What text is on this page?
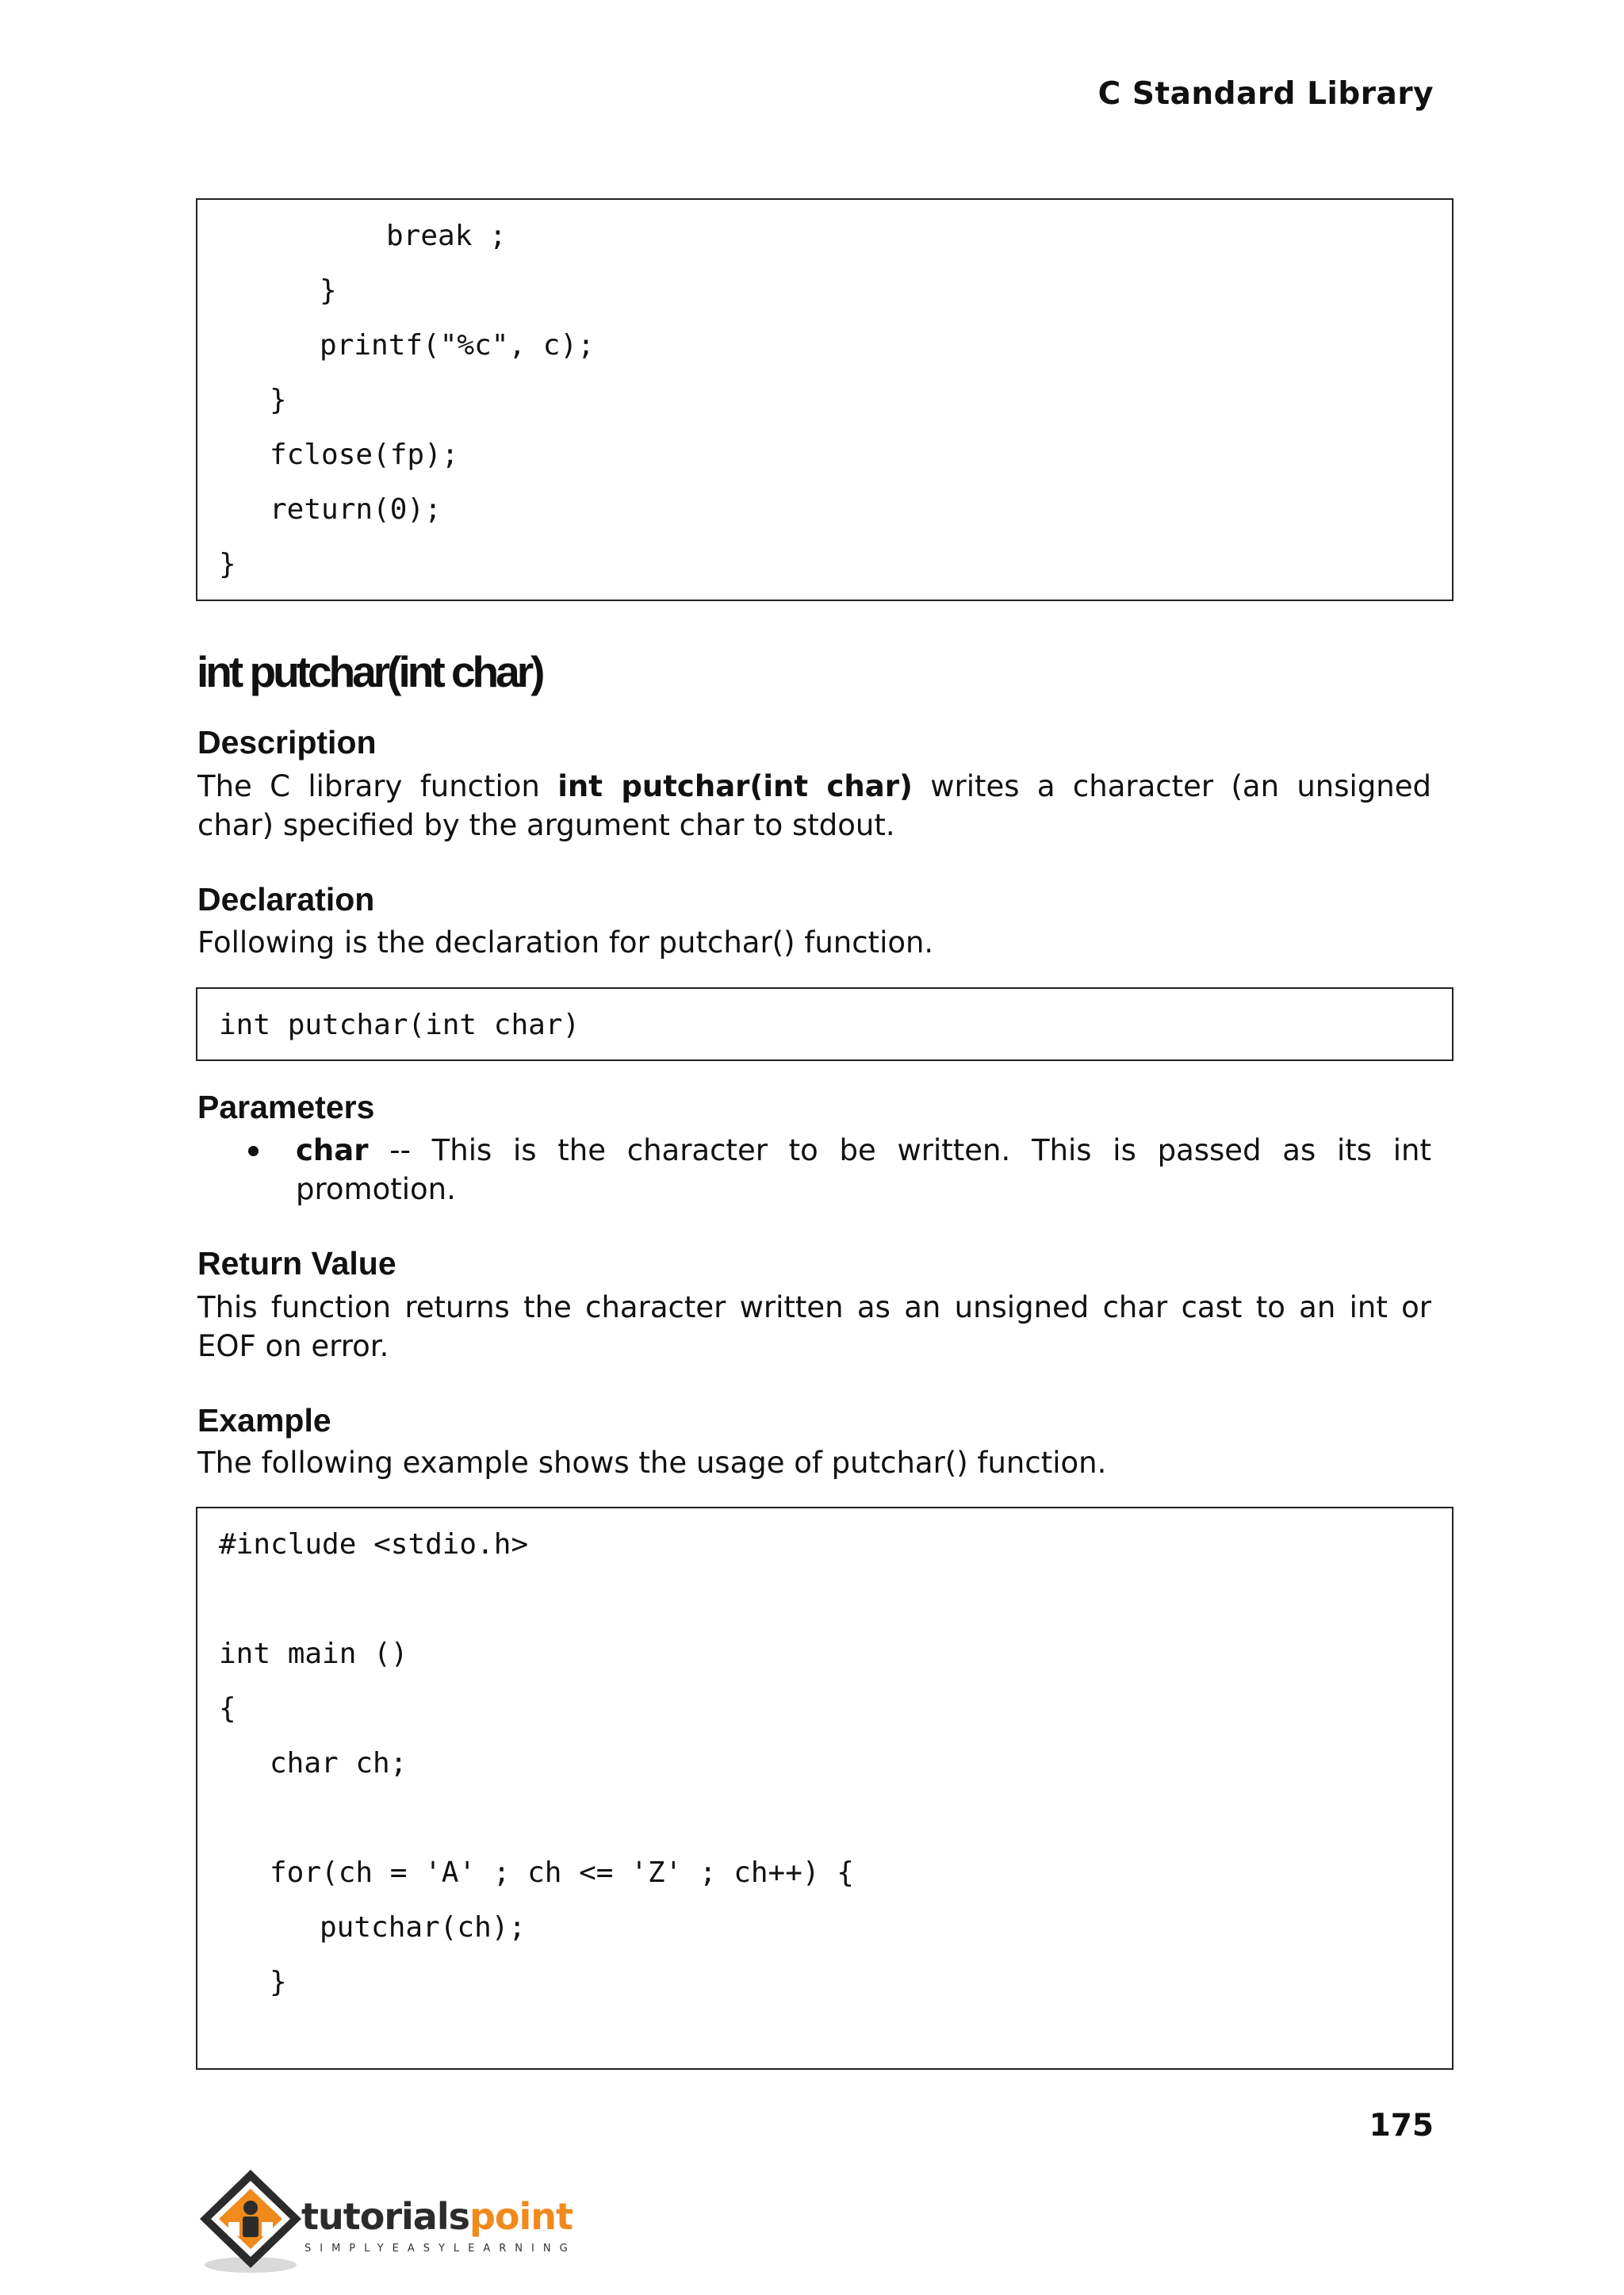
C Standard Library
break ;
}
printf("%c", c);
}
fclose(fp);
return(0);
}
int putchar(int char)
Description
The C library function int putchar(int char) writes a character (an unsigned
char) specified by the argument char to stdout.
Declaration
Following is the declaration for putchar() function.
int putchar(int char)
Parameters
char -- This is the character to be written. This is passed as its int
promotion.
Return Value
This function returns the character written as an unsigned char cast to an int or
EOF on error.
Example
The following example shows the usage of putchar() function.
#include <stdio.h>
int main ()
{
char ch;
for(ch = 'A' ; ch <= 'Z' ; ch++) {
putchar(ch);
}
175
tutorialspoint
SIMPLYEASYLEARNING
